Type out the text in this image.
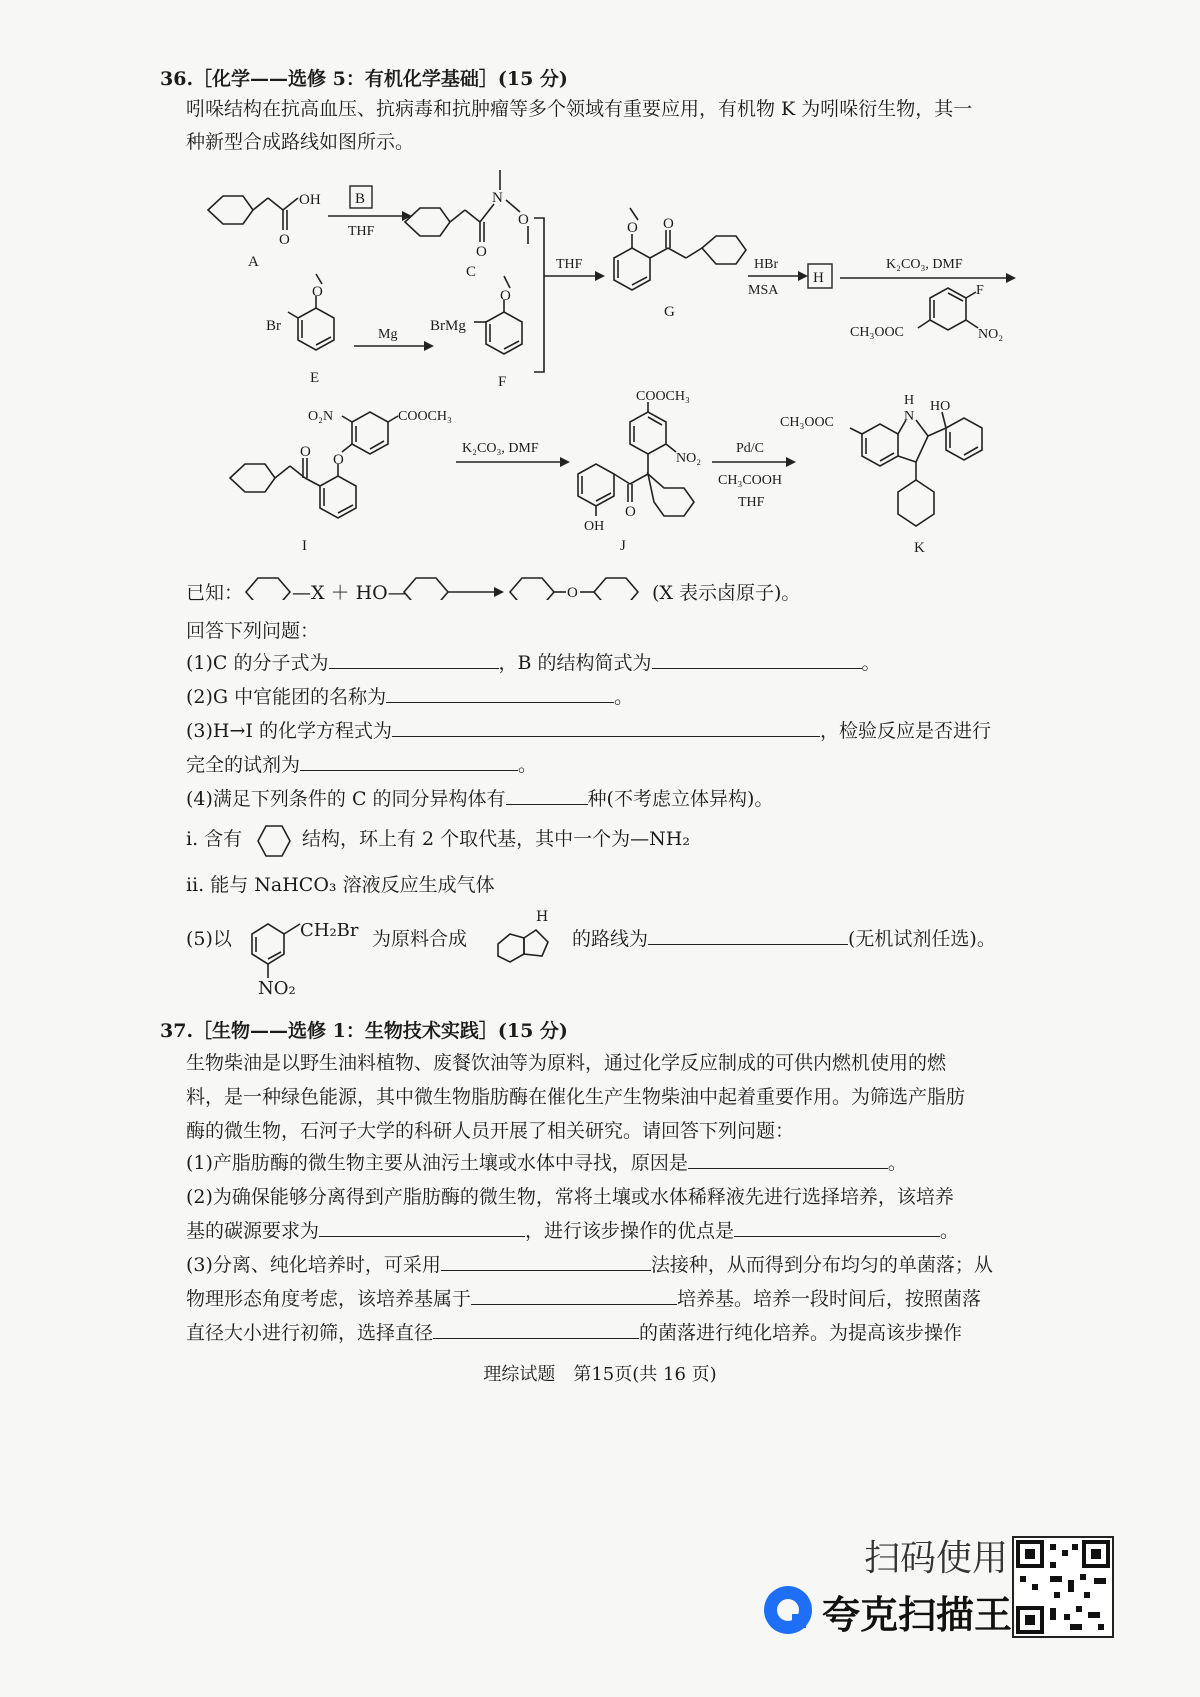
36.［化学——选修 5：有机化学基础］(15 分)
吲哚结构在抗高血压、抗病毒和抗肿瘤等多个领域有重要应用，有机物 K 为吲哚衍生物，其一
种新型合成路线如图所示。
OH
O
A
B
THF
N
O
O
C	THF
O
Br
E
Mg
O
BrMg
F
O O
G
HBr
MSA
H
K₂CO₃, DMF
F
NO₂
CH₃OOC
O O
O₂N	COOCH₃
I
K₂CO₃, DMF
OH
O
COOCH₃
NO₂
J
Pd/C
CH₃COOH
THF
CH₃OOC	N
H HO
K
O
已知：	—X ＋ HO—	(X 表示卤原子)。
回答下列问题：
(1)C 的分子式为	，B 的结构简式为	。
(2)G 中官能团的名称为	。
(3)H→I 的化学方程式为	，检验反应是否进行
完全的试剂为	。
(4)满足下列条件的 C 的同分异构体有	种(不考虑立体异构)。
ⅰ. 含有	结构，环上有 2 个取代基，其中一个为—NH₂
ⅱ. 能与 NaHCO₃ 溶液反应生成气体
(5)以	CH₂Br
NO₂
为原料合成
H
的路线为	(无机试剂任选)。
37.［生物——选修 1：生物技术实践］(15 分)
生物柴油是以野生油料植物、废餐饮油等为原料，通过化学反应制成的可供内燃机使用的燃
料，是一种绿色能源，其中微生物脂肪酶在催化生产生物柴油中起着重要作用。为筛选产脂肪
酶的微生物，石河子大学的科研人员开展了相关研究。请回答下列问题：
(1)产脂肪酶的微生物主要从油污土壤或水体中寻找，原因是	。
(2)为确保能够分离得到产脂肪酶的微生物，常将土壤或水体稀释液先进行选择培养，该培养
基的碳源要求为	，进行该步操作的优点是	。
(3)分离、纯化培养时，可采用	法接种，从而得到分布均匀的单菌落；从
物理形态角度考虑，该培养基属于	培养基。培养一段时间后，按照菌落
直径大小进行初筛，选择直径	的菌落进行纯化培养。为提高该步操作
理综试题　第15页(共 16 页)
扫码使用
夸克扫描王
